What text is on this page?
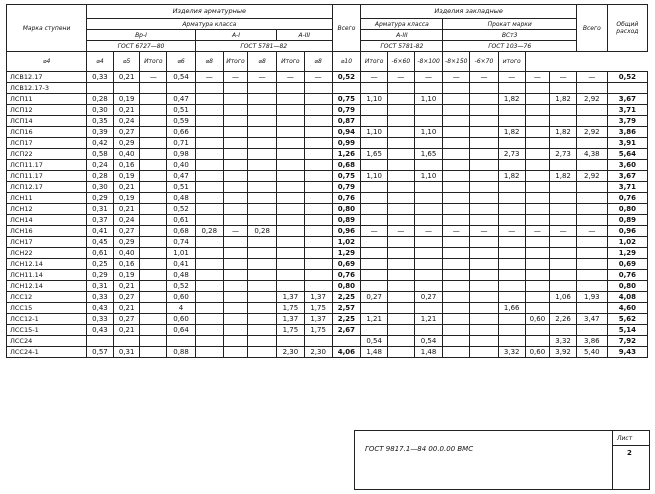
Марка ступени	Изделия арматурные									Всего	Изделия закладные								Всего	Общий расход
	Арматура класса										Арматура класса			Прокат марки						
	Вр-I				А-I			А-III			А-III			ВСт3						
	ГОСТ 6727—80				ГОСТ 5781—82						ГОСТ 5781-82			ГОСТ 103—76						
⌀4	⌀4	⌀5	Итого	⌀6	⌀8	Итого	⌀8	Итого	⌀8	⌀10	Итого	-6×60	-8×100	-8×150	-6×70	итого				
ЛСВ12.17	0,33	0,21	—	0,54	—	—	—	—	—	0,52	—	—	—	—	—	—	—	—	—	0,52
ЛСВ12.17-3																				
ЛСП11	0,28	0,19		0,47						0,75	1,10		1,10			1,82		1,82	2,92	3,67
ЛСП12	0,30	0,21		0,51						0,79										3,71
ЛСП14	0,35	0,24		0,59						0,87										3,79
ЛСП16	0,39	0,27		0,66						0,94	1,10		1,10			1,82		1,82	2,92	3,86
ЛСП17	0,42	0,29		0,71						0,99										3,91
ЛСП22	0,58	0,40		0,98						1,26	1,65		1,65			2,73		2,73	4,38	5,64
ЛСП11.17	0,24	0,16		0,40						0,68										3,60
ЛСП11.17	0,28	0,19		0,47						0,75	1,10		1,10			1,82		1,82	2,92	3,67
ЛСП12.17	0,30	0,21		0,51						0,79										3,71
ЛСН11	0,29	0,19		0,48						0,76										0,76
ЛСН12	0,31	0,21		0,52						0,80										0,80
ЛСН14	0,37	0,24		0,61						0,89										0,89
ЛСН16	0,41	0,27		0,68	0,28	—	0,28			0,96	—	—	—	—	—	—	—	—	—	0,96
ЛСН17	0,45	0,29		0,74						1,02										1,02
ЛСН22	0,61	0,40		1,01						1,29										1,29
ЛСН12.14	0,25	0,16		0,41						0,69										0,69
ЛСН11.14	0,29	0,19		0,48						0,76										0,76
ЛСН12.14	0,31	0,21		0,52						0,80										0,80
ЛСС12	0,33	0,27		0,60				1,37	1,37	2,25	0,27		0,27					1,06	1,93	4,08
ЛСС15	0,43	0,21		4				1,75	1,75	2,57						1,66				4,60
ЛСС12-1	0,33	0,27		0,60				1,37	1,37	2,25	1,21		1,21				0,60	2,26	3,47	5,62
ЛСС15-1	0,43	0,21		0,64				1,75	1,75	2,67										5,14
ЛСС24											0,54		0,54					3,32	3,86	7,92
ЛСС24-1	0,57	0,31		0,88				2,30	2,30	4,06	1,48		1,48			3,32	0,60	3,92	5,40	9,43
ГОСТ 9817.1—84 00.0.00 ВМС
Лист
2
